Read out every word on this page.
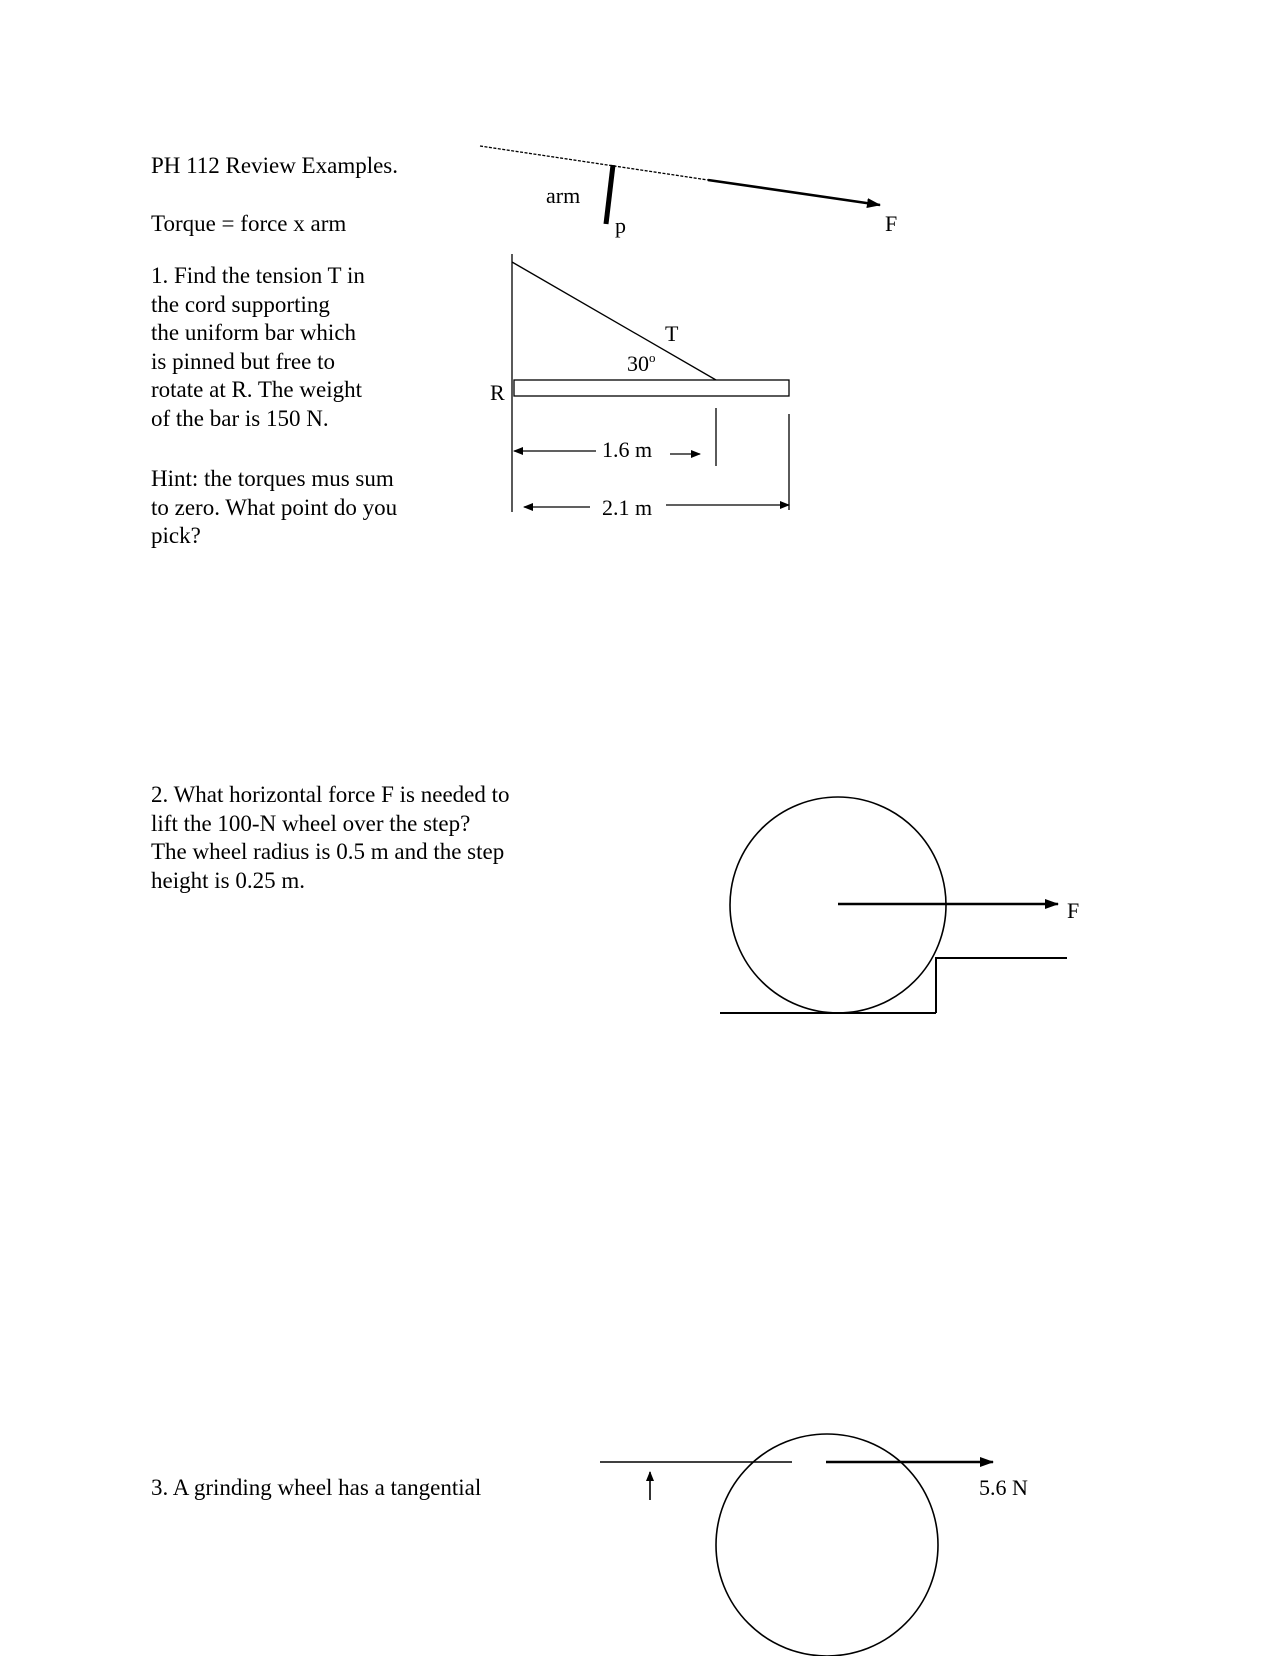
PH 112 Review Examples.

Torque = force x arm

1. Find the tension T in

the cord supporting

the uniform bar which

is pinned but free to

rotate at R. The weight

of the bar is 150 N.

Hint: the torques mus sum

to zero. What point do you

pick?

2. What horizontal force F is needed to

lift the 100-N wheel over the step?

The wheel radius is 0.5 m and the step

height is 0.25 m.

3. A grinding wheel has a tangential

arm

p	F

T

30$^o$

R

1.6 m

2.1 m

F

5.6 N
